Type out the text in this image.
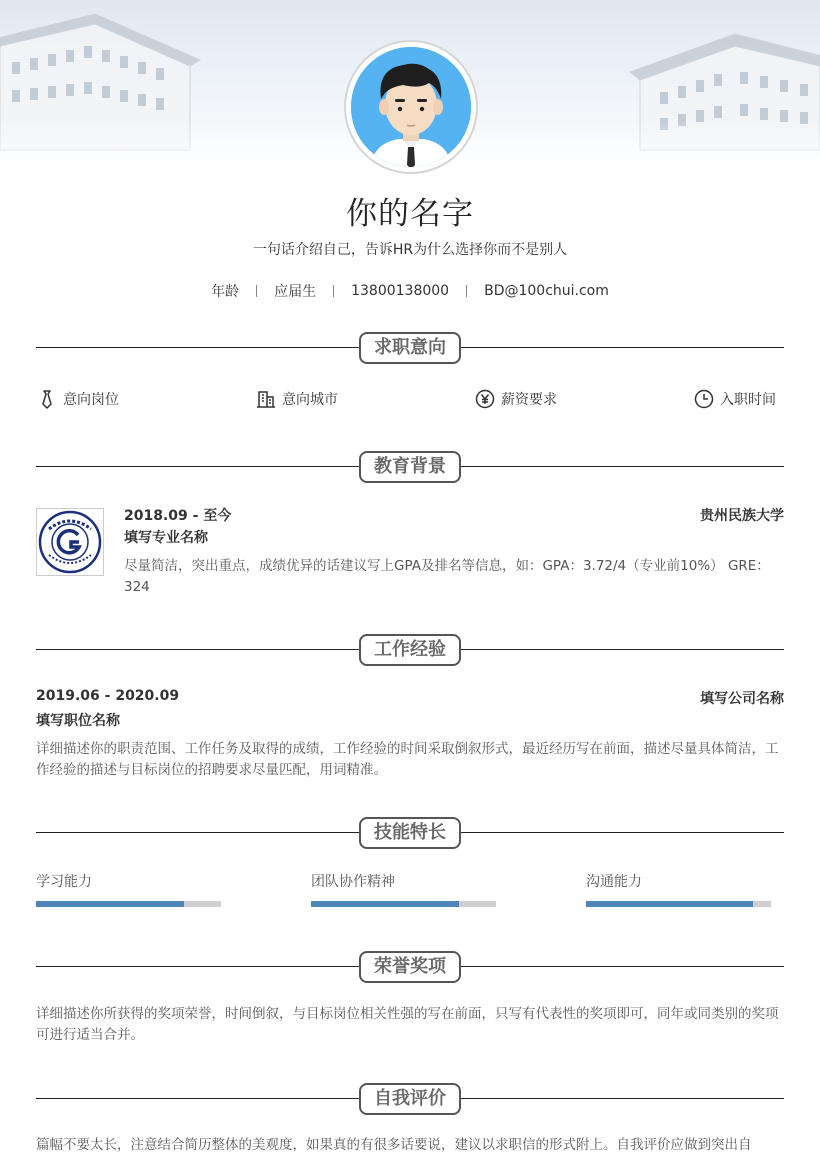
你的名字
一句话介绍自己，告诉HR为什么选择你而不是别人
年龄	应届生	13800138000	BD@100chui.com
求职意向
意向岗位	意向城市	薪资要求	入职时间
教育背景
2018.09 - 至今
填写专业名称
贵州民族大学
尽量简洁，突出重点，成绩优异的话建议写上GPA及排名等信息，如：GPA：3.72/4（专业前10%） GRE：324
工作经验
2019.06 - 2020.09
填写职位名称
填写公司名称
详细描述你的职责范围、工作任务及取得的成绩，工作经验的时间采取倒叙形式，最近经历写在前面，描述尽量具体简洁，工作经验的描述与目标岗位的招聘要求尽量匹配，用词精准。
技能特长
学习能力	团队协作精神	沟通能力
荣誉奖项
详细描述你所获得的奖项荣誉，时间倒叙，与目标岗位相关性强的写在前面，只写有代表性的奖项即可，同年或同类别的奖项可进行适当合并。
自我评价
篇幅不要太长，注意结合简历整体的美观度，如果真的有很多话要说，建议以求职信的形式附上。自我评价应做到突出自
